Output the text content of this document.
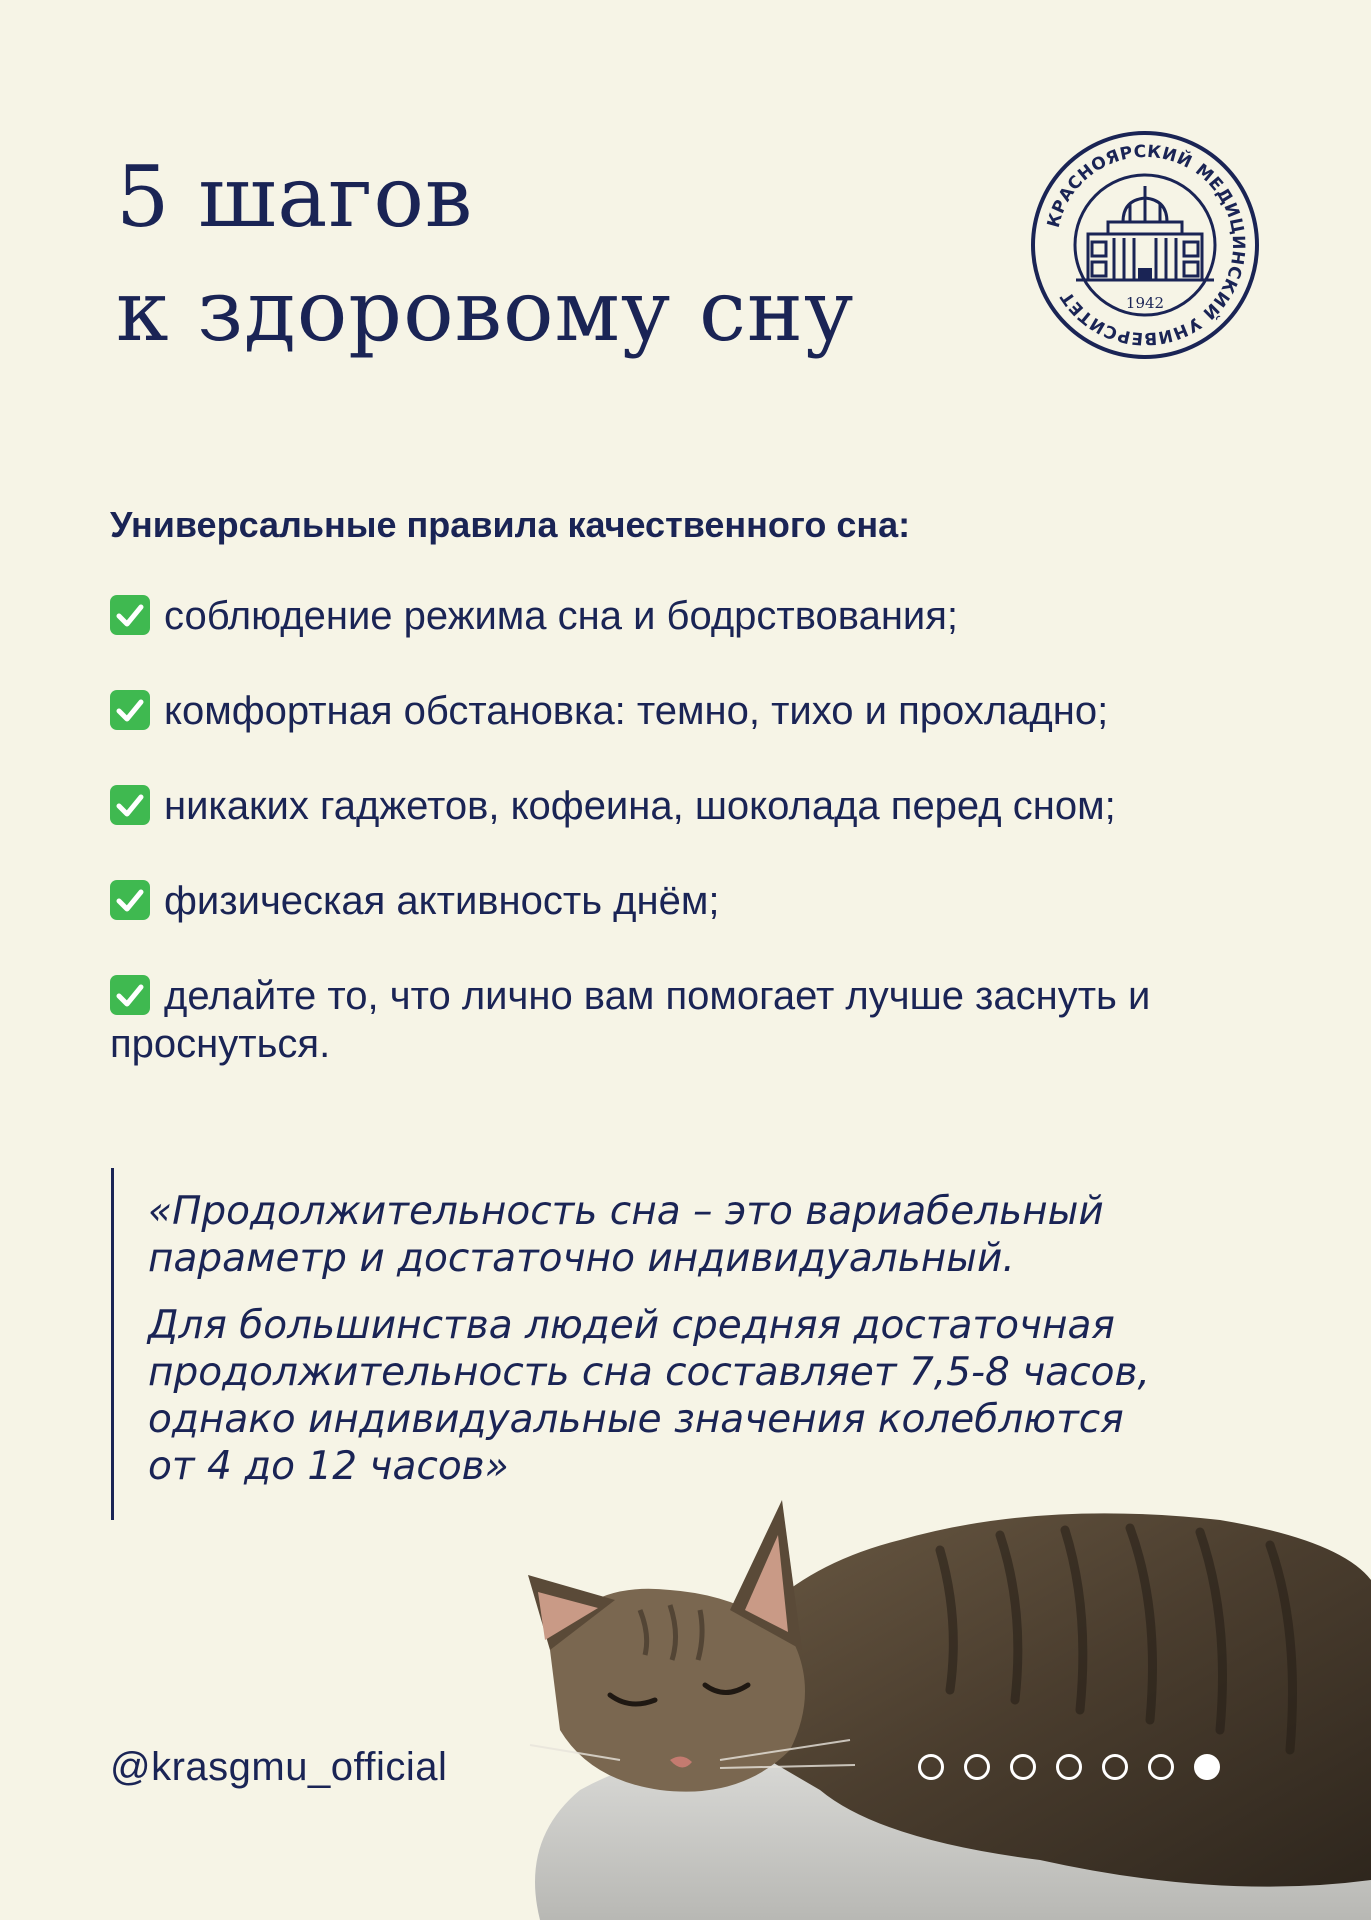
5 шагов
к здоровому сну
КРАСНОЯРСКИЙ МЕДИЦИНСКИЙ УНИВЕРСИТЕТ	1942
Универсальные правила качественного сна:
соблюдение режима сна и бодрствования;
комфортная обстановка: темно, тихо и прохладно;
никаких гаджетов, кофеина, шоколада перед сном;
физическая активность днём;
делайте то, что лично вам помогает лучше заснуть и проснуться.

«Продолжительность сна – это вариабельный
параметр и достаточно индивидуальный.

Для большинства людей средняя достаточная
продолжительность сна составляет 7,5-8 часов,
однако индивидуальные значения колеблются
от 4 до 12 часов»

@krasgmu_official
